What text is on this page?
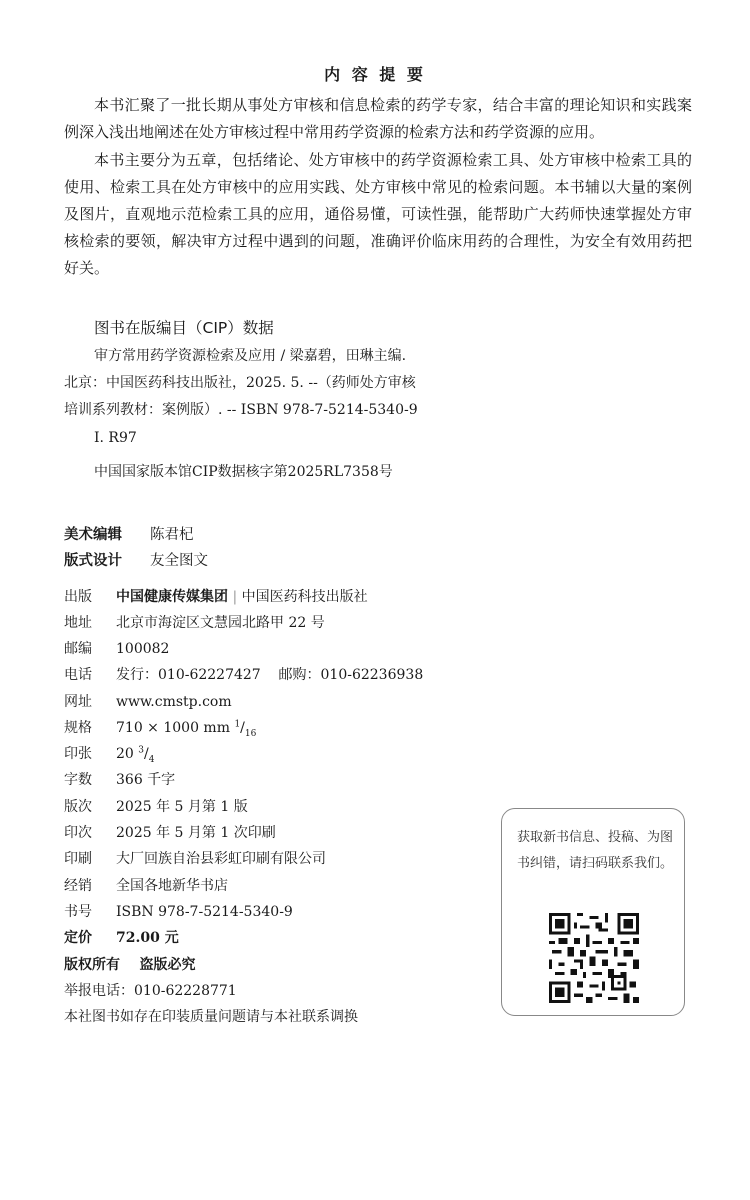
内 容 提 要

本书汇聚了一批长期从事处方审核和信息检索的药学专家，结合丰富的理论知识和实践案例深入浅出地阐述在处方审核过程中常用药学资源的检索方法和药学资源的应用。

本书主要分为五章，包括绪论、处方审核中的药学资源检索工具、处方审核中检索工具的使用、检索工具在处方审核中的应用实践、处方审核中常见的检索问题。本书辅以大量的案例及图片，直观地示范检索工具的应用，通俗易懂，可读性强，能帮助广大药师快速掌握处方审核检索的要领，解决审方过程中遇到的问题，准确评价临床用药的合理性，为安全有效用药把好关。

图书在版编目（CIP）数据
审方常用药学资源检索及应用 / 梁嘉碧，田琳主编.
北京：中国医药科技出版社，2025. 5. --（药师处方审核
培训系列教材：案例版）. -- ISBN 978-7-5214-5340-9
Ⅰ. R97
中国国家版本馆CIP数据核字第2025RL7358号
美术编辑 陈君杞
版式设计 友全图文
出版 中国健康传媒集团 | 中国医药科技出版社
地址 北京市海淀区文慧园北路甲 22 号
邮编 100082
电话 发行：010-62227427    邮购：010-62236938
网址 www.cmstp.com
规格 710 × 1000 mm $^1/_{16}$
印张 20 $^3/_4$
字数 366 千字
版次 2025 年 5 月第 1 版
印次 2025 年 5 月第 1 次印刷
印刷 大厂回族自治县彩虹印刷有限公司
经销 全国各地新华书店
书号 ISBN 978-7-5214-5340-9
定价 72.00 元
版权所有    盗版必究
举报电话：010-62228771
本社图书如存在印装质量问题请与本社联系调换
获取新书信息、投稿、为图书纠错，请扫码联系我们。
